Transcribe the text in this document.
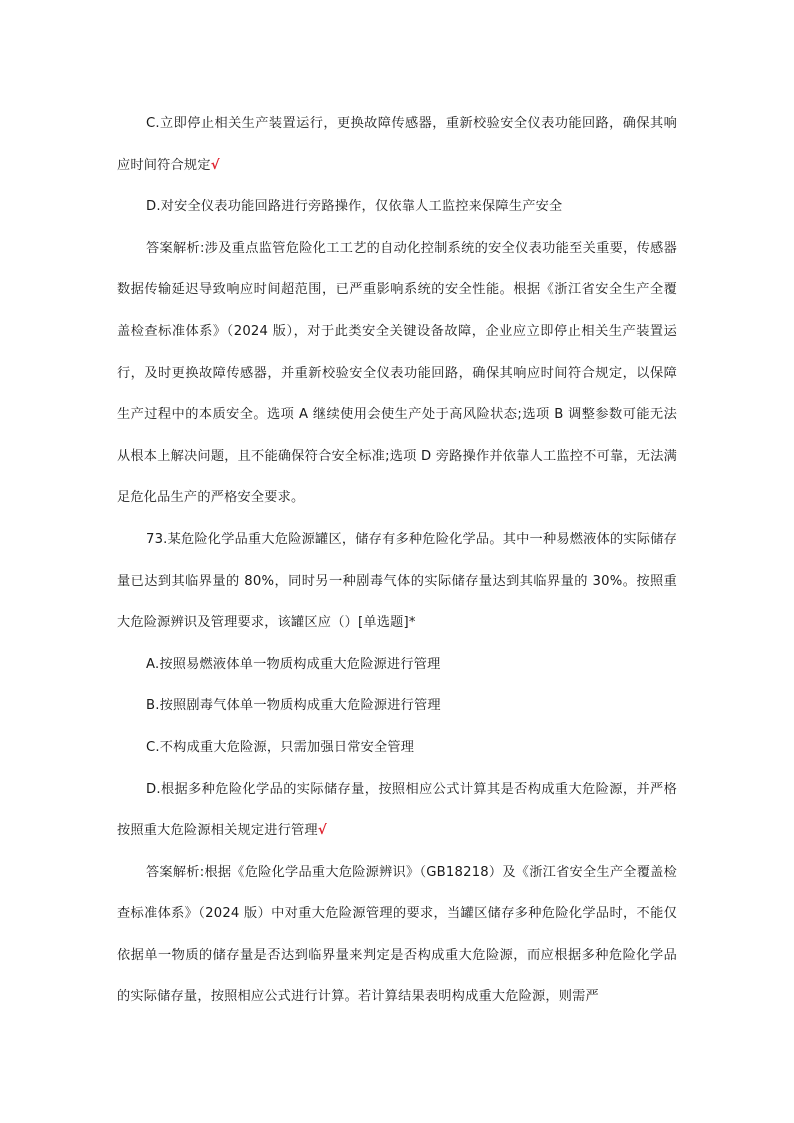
C.立即停止相关生产装置运行，更换故障传感器，重新校验安全仪表功能回路，确保其响应时间符合规定√

D.对安全仪表功能回路进行旁路操作，仅依靠人工监控来保障生产安全

答案解析:涉及重点监管危险化工工艺的自动化控制系统的安全仪表功能至关重要，传感器数据传输延迟导致响应时间超范围，已严重影响系统的安全性能。根据《浙江省安全生产全覆盖检查标准体系》（2024 版），对于此类安全关键设备故障，企业应立即停止相关生产装置运行，及时更换故障传感器，并重新校验安全仪表功能回路，确保其响应时间符合规定，以保障生产过程中的本质安全。选项 A 继续使用会使生产处于高风险状态;选项 B 调整参数可能无法从根本上解决问题，且不能确保符合安全标准;选项 D 旁路操作并依靠人工监控不可靠，无法满足危化品生产的严格安全要求。

73.某危险化学品重大危险源罐区，储存有多种危险化学品。其中一种易燃液体的实际储存量已达到其临界量的 80%，同时另一种剧毒气体的实际储存量达到其临界量的 30%。按照重大危险源辨识及管理要求，该罐区应（）[单选题]*

A.按照易燃液体单一物质构成重大危险源进行管理

B.按照剧毒气体单一物质构成重大危险源进行管理

C.不构成重大危险源，只需加强日常安全管理

D.根据多种危险化学品的实际储存量，按照相应公式计算其是否构成重大危险源，并严格按照重大危险源相关规定进行管理√

答案解析:根据《危险化学品重大危险源辨识》（GB18218）及《浙江省安全生产全覆盖检查标准体系》（2024 版）中对重大危险源管理的要求，当罐区储存多种危险化学品时，不能仅依据单一物质的储存量是否达到临界量来判定是否构成重大危险源，而应根据多种危险化学品的实际储存量，按照相应公式进行计算。若计算结果表明构成重大危险源，则需严
